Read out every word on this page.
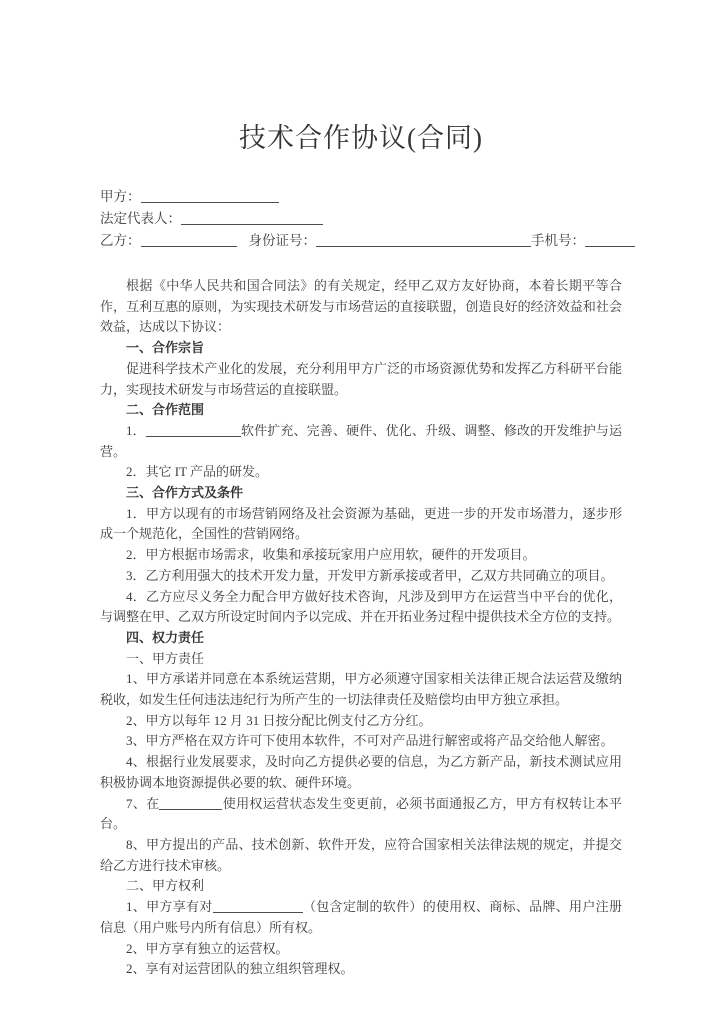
技术合作协议(合同)
甲方：
法定代表人：
乙方：	身份证号：	手机号：

根据《中华人民共和国合同法》的有关规定，经甲乙双方友好协商，本着长期平等合作，互利互惠的原则，为实现技术研发与市场营运的直接联盟，创造良好的经济效益和社会效益，达成以下协议：

一、合作宗旨

促进科学技术产业化的发展，充分利用甲方广泛的市场资源优势和发挥乙方科研平台能力，实现技术研发与市场营运的直接联盟。

二、合作范围

1．	软件扩充、完善、硬件、优化、升级、调整、修改的开发维护与运营。

2．其它 IT 产品的研发。

三、合作方式及条件

1．甲方以现有的市场营销网络及社会资源为基础，更进一步的开发市场潜力，逐步形成一个规范化，全国性的营销网络。

2．甲方根据市场需求，收集和承接玩家用户应用软，硬件的开发项目。

3．乙方利用强大的技术开发力量，开发甲方新承接或者甲，乙双方共同确立的项目。

4．乙方应尽义务全力配合甲方做好技术咨询，凡涉及到甲方在运营当中平台的优化，与调整在甲、乙双方所设定时间内予以完成、并在开拓业务过程中提供技术全方位的支持。

四、权力责任

一、甲方责任

1、甲方承诺并同意在本系统运营期，甲方必须遵守国家相关法律正规合法运营及缴纳税收，如发生任何违法违纪行为所产生的一切法律责任及赔偿均由甲方独立承担。

2、甲方以每年 12 月 31 日按分配比例支付乙方分红。

3、甲方严格在双方许可下使用本软件，不可对产品进行解密或将产品交给他人解密。

4、根据行业发展要求，及时向乙方提供必要的信息，为乙方新产品，新技术测试应用积极协调本地资源提供必要的软、硬件环境。

7、在	使用权运营状态发生变更前，必须书面通报乙方，甲方有权转让本平台。

8、甲方提出的产品、技术创新、软件开发，应符合国家相关法律法规的规定，并提交给乙方进行技术审核。

二、甲方权利

1、甲方享有对	（包含定制的软件）的使用权、商标、品牌、用户注册信息（用户账号内所有信息）所有权。

2、甲方享有独立的运营权。

2、享有对运营团队的独立组织管理权。
